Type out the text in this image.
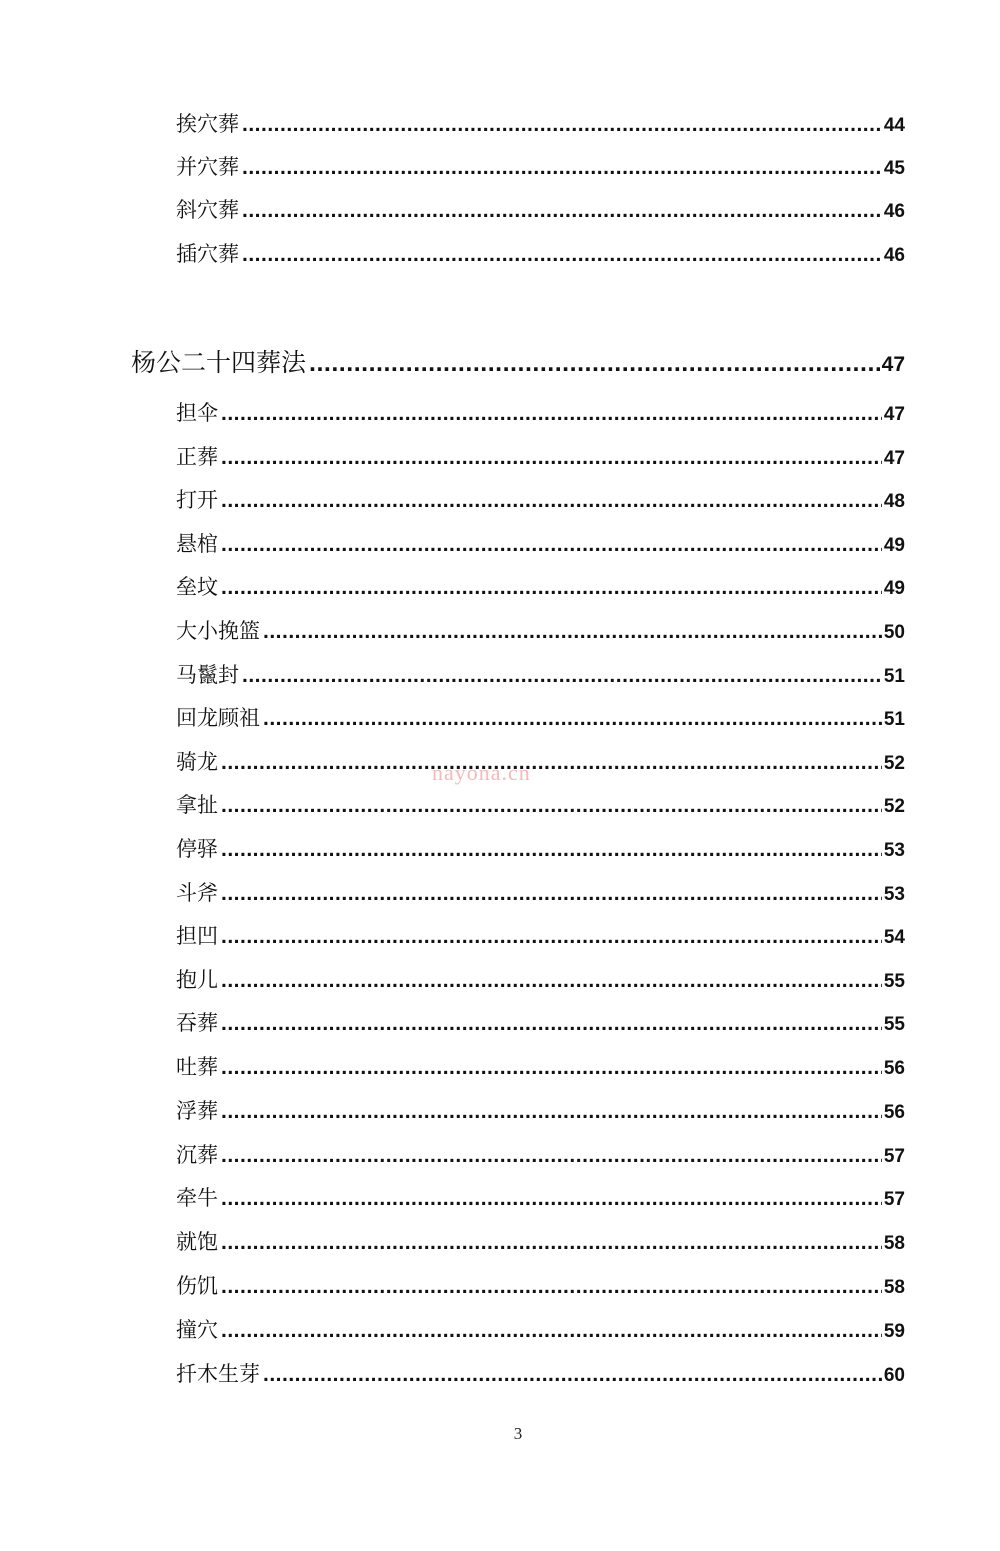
挨穴葬 .....	44
并穴葬 .....	45
斜穴葬 .....	46
插穴葬 .....	46
杨公二十四葬法 .....	47
担伞 .....	47
正葬 .....	47
打开 .....	48
悬棺 .....	49
垒坟 .....	49
大小挽篮 .....	50
马鬣封 .....	51
回龙顾祖 .....	51
骑龙 .....	52
拿扯 .....	52
停驿 .....	53
斗斧 .....	53
担凹 .....	54
抱儿 .....	55
吞葬 .....	55
吐葬 .....	56
浮葬 .....	56
沉葬 .....	57
牵牛 .....	57
就饱 .....	58
伤饥 .....	58
撞穴 .....	59
扦木生芽 .....	60
nayona.cn
3
